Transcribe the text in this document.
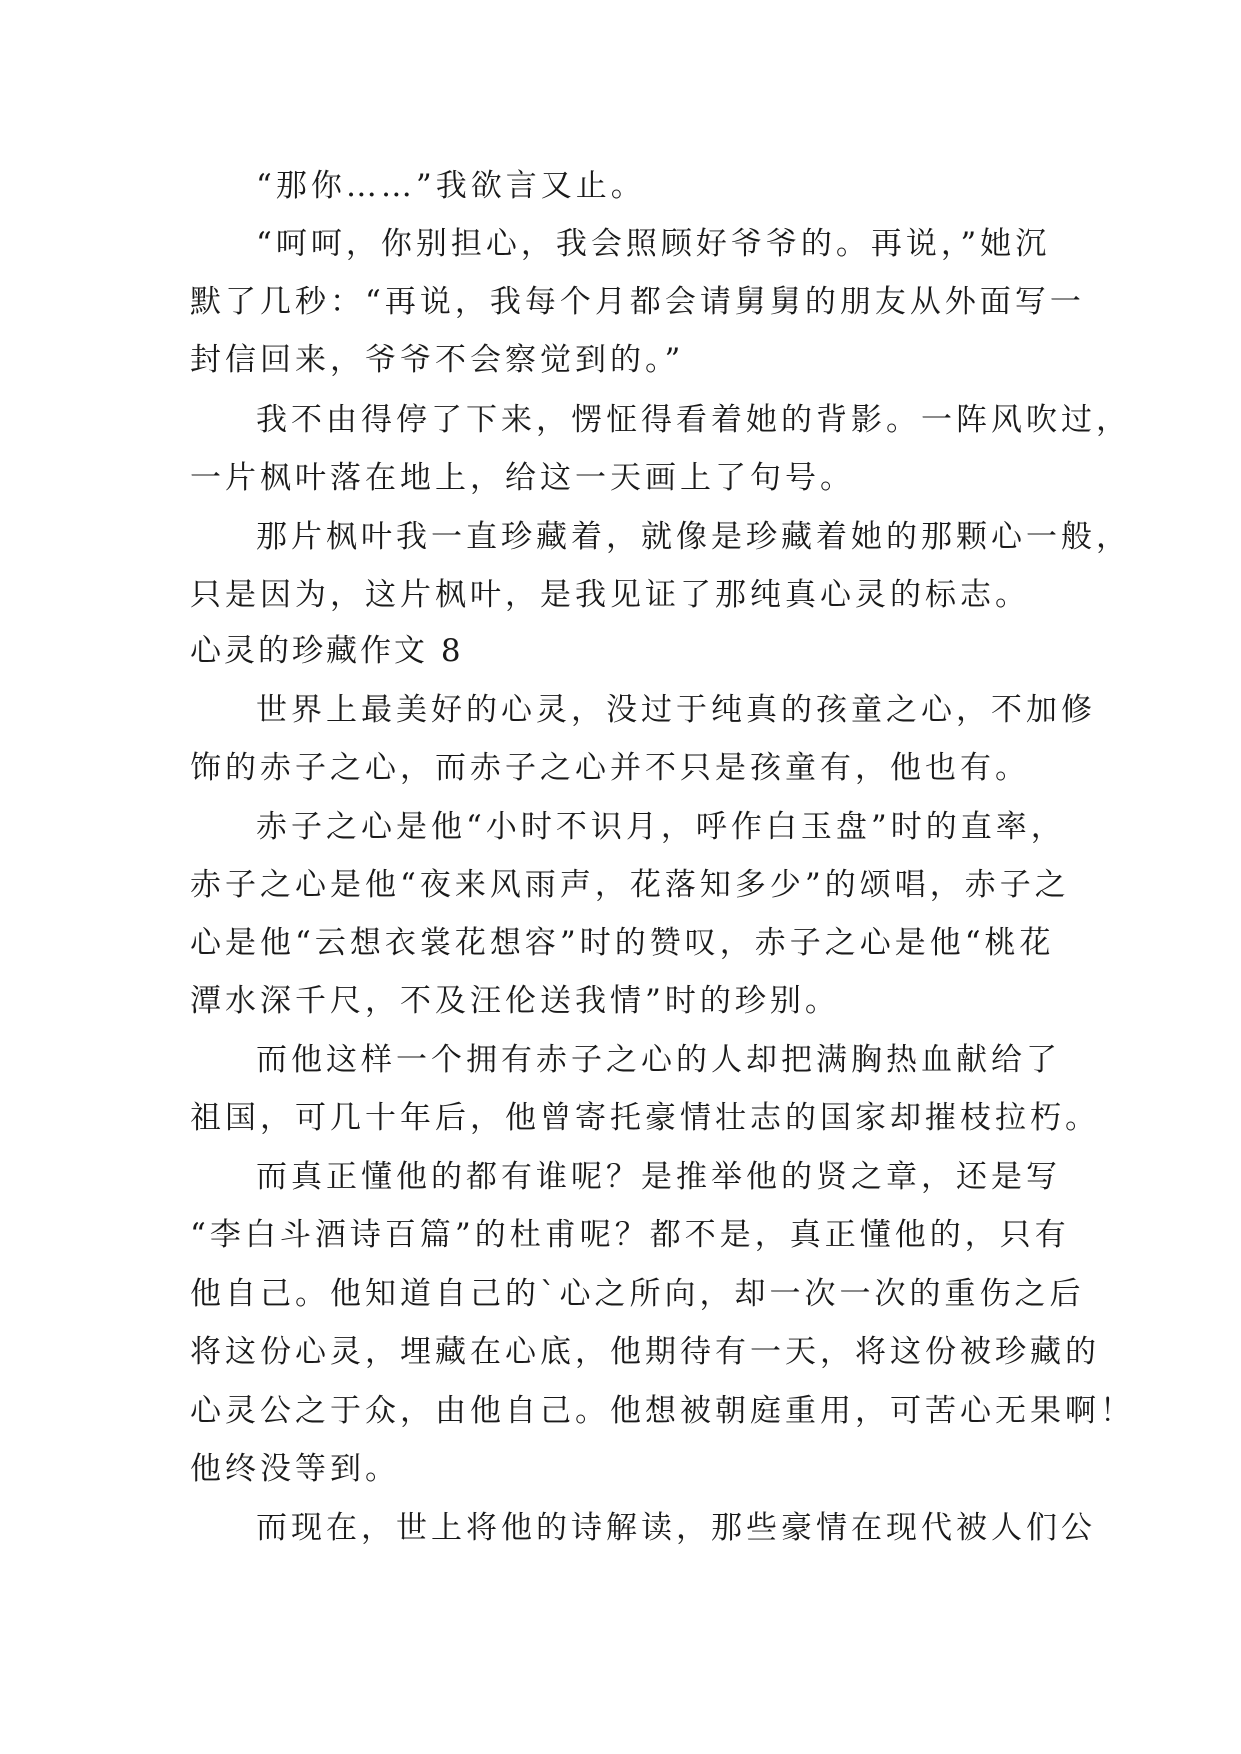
“那你……”我欲言又止。
“呵呵，你别担心，我会照顾好爷爷的。再说，”她沉
默了几秒：“再说，我每个月都会请舅舅的朋友从外面写一
封信回来，爷爷不会察觉到的。”
我不由得停了下来，愣怔得看着她的背影。一阵风吹过，
一片枫叶落在地上，给这一天画上了句号。
那片枫叶我一直珍藏着，就像是珍藏着她的那颗心一般，
只是因为，这片枫叶，是我见证了那纯真心灵的标志。
心灵的珍藏作文 8
世界上最美好的心灵，没过于纯真的孩童之心，不加修
饰的赤子之心，而赤子之心并不只是孩童有，他也有。
赤子之心是他“小时不识月，呼作白玉盘”时的直率，
赤子之心是他“夜来风雨声，花落知多少”的颂唱，赤子之
心是他“云想衣裳花想容”时的赞叹，赤子之心是他“桃花
潭水深千尺，不及汪伦送我情”时的珍别。
而他这样一个拥有赤子之心的人却把满胸热血献给了
祖国，可几十年后，他曾寄托豪情壮志的国家却摧枝拉朽。
而真正懂他的都有谁呢？是推举他的贤之章，还是写
“李白斗酒诗百篇”的杜甫呢？都不是，真正懂他的，只有
他自己。他知道自己的`心之所向，却一次一次的重伤之后
将这份心灵，埋藏在心底，他期待有一天，将这份被珍藏的
心灵公之于众，由他自己。他想被朝庭重用，可苦心无果啊！
他终没等到。
而现在，世上将他的诗解读，那些豪情在现代被人们公
